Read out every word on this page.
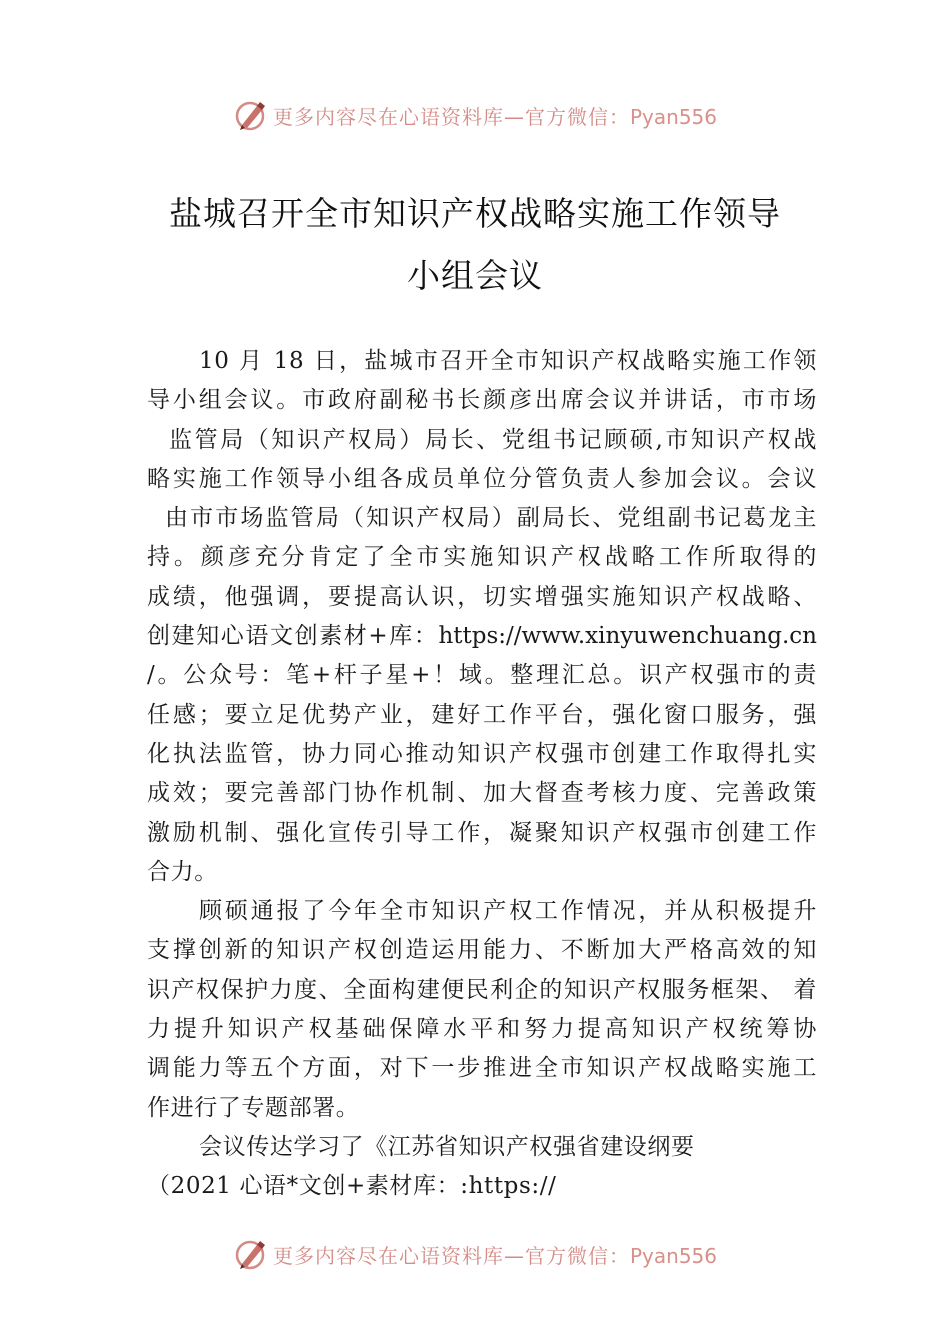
更多内容尽在心语资料库—官方微信：Pyan556
盐城召开全市知识产权战略实施工作领导
小组会议
10 月 18 日，盐城市召开全市知识产权战略实施工作领
导小组会议。市政府副秘书长颜彦出席会议并讲话，市市场
监管局（知识产权局）局长、党组书记顾硕,市知识产权战
略实施工作领导小组各成员单位分管负责人参加会议。会议
由市市场监管局（知识产权局）副局长、党组副书记葛龙主
持。颜彦充分肯定了全市实施知识产权战略工作所取得的
成绩，他强调，要提高认识，切实增强实施知识产权战略、
创建知心语文创素材+库：https://www.xinyuwenchuang.cn
/。公众号：笔+杆子星+！域。整理汇总。识产权强市的责
任感；要立足优势产业，建好工作平台，强化窗口服务，强
化执法监管，协力同心推动知识产权强市创建工作取得扎实
成效；要完善部门协作机制、加大督查考核力度、完善政策
激励机制、强化宣传引导工作，凝聚知识产权强市创建工作
合力。
顾硕通报了今年全市知识产权工作情况，并从积极提升
支撑创新的知识产权创造运用能力、不断加大严格高效的知
识产权保护力度、全面构建便民利企的知识产权服务框架、 着
力提升知识产权基础保障水平和努力提高知识产权统筹协
调能力等五个方面，对下一步推进全市知识产权战略实施工
作进行了专题部署。
会议传达学习了《江苏省知识产权强省建设纲要
（2021 心语*文创+素材库：:https://
更多内容尽在心语资料库—官方微信：Pyan556
